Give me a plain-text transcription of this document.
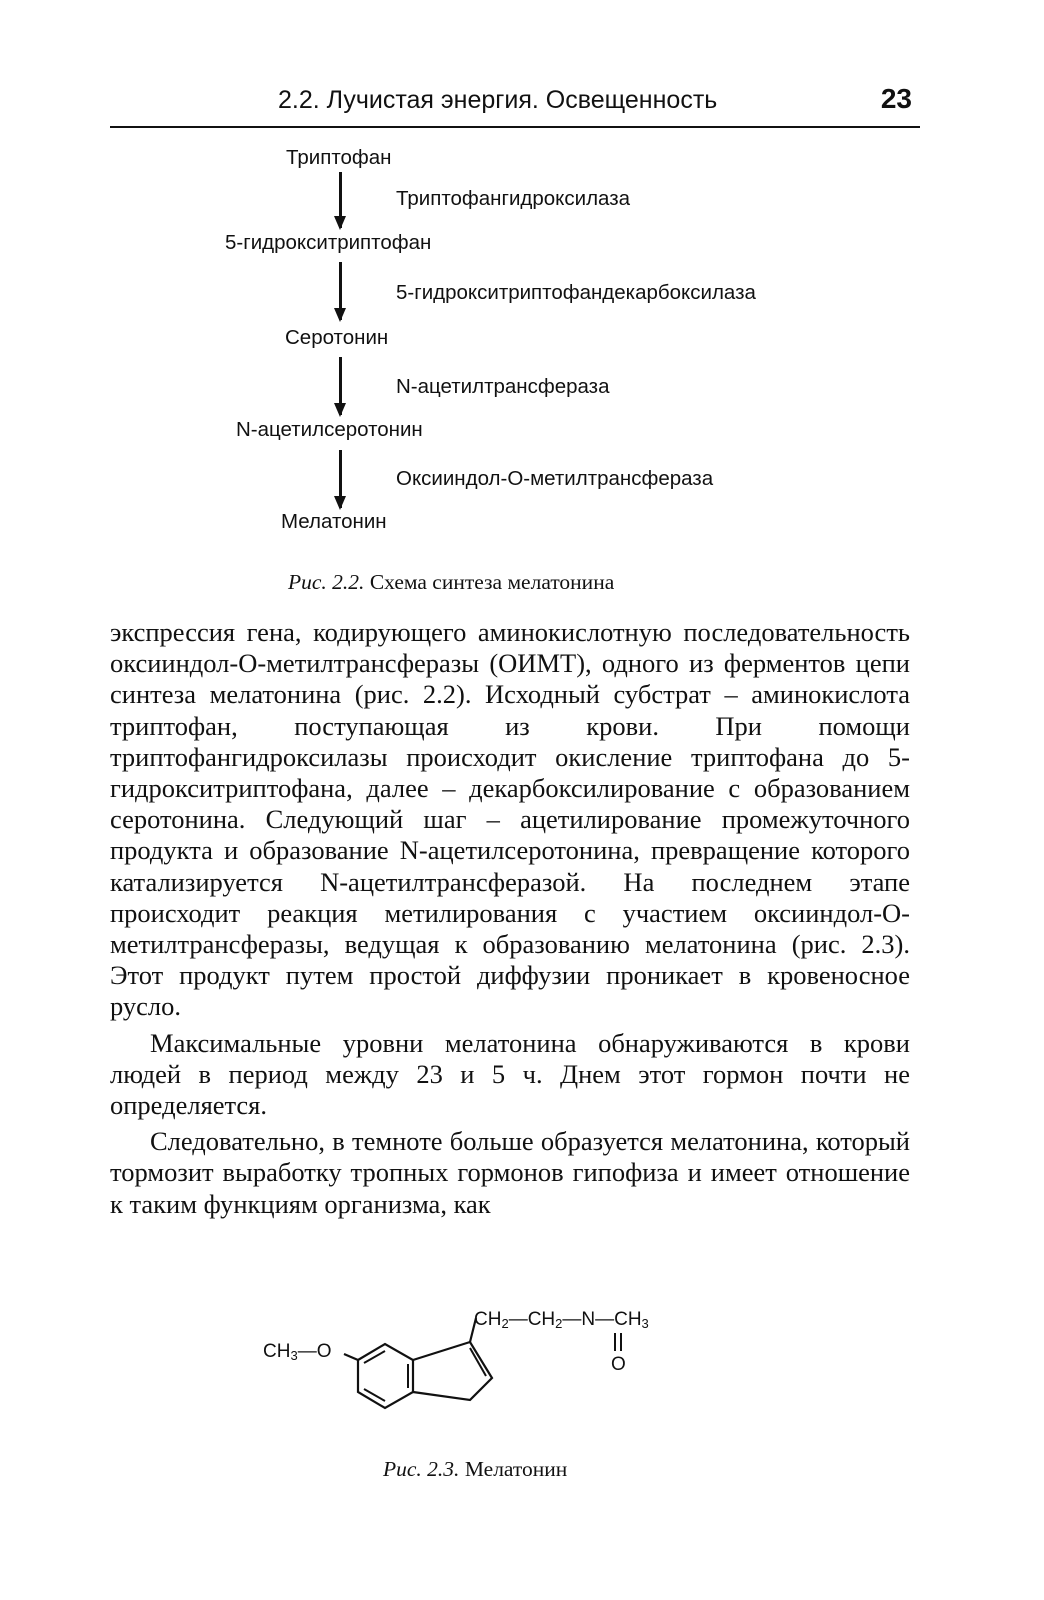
2.2. Лучистая энергия. Освещенность	23
Триптофан
Триптофангидроксилаза
5-гидрокситриптофан
5-гидрокситриптофандекарбоксилаза
Серотонин
N-ацетилтрансфераза
N-ацетилсеротонин
Оксииндол-О-метилтрансфераза
Мелатонин
Рис. 2.2. Схема синтеза мелатонина

экспрессия гена, кодирующего аминокислотную последовательность оксииндол-О-метилтрансферазы (ОИМТ), одного из ферментов цепи синтеза мелатонина (рис. 2.2). Исходный субстрат – аминокислота триптофан, поступающая из крови. При помощи триптофангидроксилазы происходит окисление триптофана до 5-гидрокситриптофана, далее – декарбоксилирование с образованием серотонина. Следующий шаг – ацетилирование промежуточного продукта и образование N-ацетилсеротонина, превращение которого катализируется N-ацетилтрансферазой. На последнем этапе происходит реакция метилирования с участием оксииндол-О-метилтрансферазы, ведущая к образованию мелатонина (рис. 2.3). Этот продукт путем простой диффузии проникает в кровеносное русло.

Максимальные уровни мелатонина обнаруживаются в крови людей в период между 23 и 5 ч. Днем этот гормон почти не определяется.

Следовательно, в темноте больше образуется мелатонина, который тормозит выработку тропных гормонов гипофиза и имеет отношение к таким функциям организма, как

$CH_2—CH_2—N—CH_3$
$CH_3—O$
O
Рис. 2.3. Мелатонин
